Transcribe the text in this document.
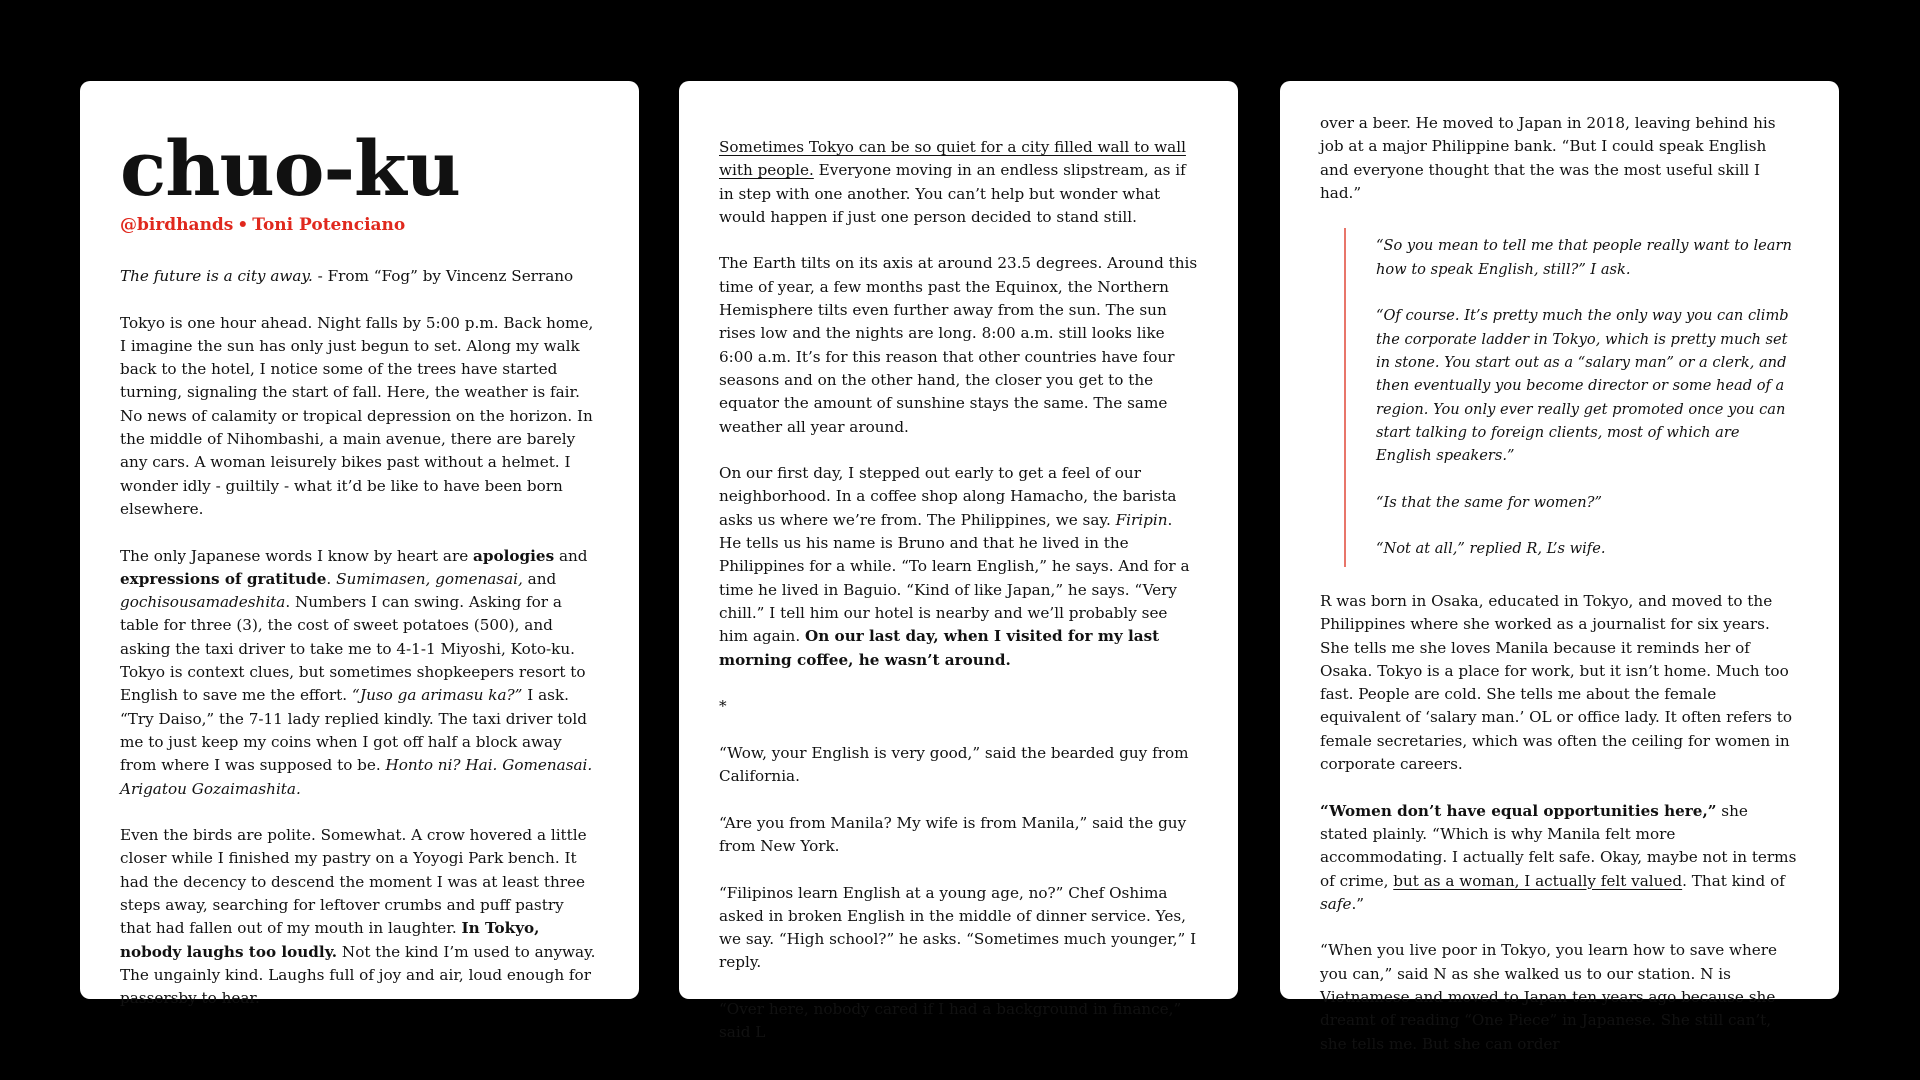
chuo-ku
@birdhands • Toni Potenciano

The future is a city away. - From “Fog” by Vincenz Serrano

Tokyo is one hour ahead. Night falls by 5:00 p.m. Back home, I imagine the sun has only just begun to set. Along my walk back to the hotel, I notice some of the trees have started turning, signaling the start of fall. Here, the weather is fair. No news of calamity or tropical depression on the horizon. In the middle of Nihombashi, a main avenue, there are barely any cars. A woman leisurely bikes past without a helmet. I wonder idly - guiltily - what it’d be like to have been born elsewhere.

The only Japanese words I know by heart are apologies and expressions of gratitude. Sumimasen, gomenasai, and gochisousamadeshita. Numbers I can swing. Asking for a table for three (3), the cost of sweet potatoes (500), and asking the taxi driver to take me to 4-1-1 Miyoshi, Koto-ku. Tokyo is context clues, but sometimes shopkeepers resort to English to save me the effort. “Juso ga arimasu ka?” I ask. “Try Daiso,” the 7-11 lady replied kindly. The taxi driver told me to just keep my coins when I got off half a block away from where I was supposed to be. Honto ni? Hai. Gomenasai. Arigatou Gozaimashita.

Even the birds are polite. Somewhat. A crow hovered a little closer while I finished my pastry on a Yoyogi Park bench. It had the decency to descend the moment I was at least three steps away, searching for leftover crumbs and puff pastry that had fallen out of my mouth in laughter. In Tokyo, nobody laughs too loudly. Not the kind I’m used to anyway. The ungainly kind. Laughs full of joy and air, loud enough for passersby to hear.

Sometimes Tokyo can be so quiet for a city filled wall to wall with people. Everyone moving in an endless slipstream, as if in step with one another. You can’t help but wonder what would happen if just one person decided to stand still.

The Earth tilts on its axis at around 23.5 degrees. Around this time of year, a few months past the Equinox, the Northern Hemisphere tilts even further away from the sun. The sun rises low and the nights are long. 8:00 a.m. still looks like 6:00 a.m. It’s for this reason that other countries have four seasons and on the other hand, the closer you get to the equator the amount of sunshine stays the same. The same weather all year around.

On our first day, I stepped out early to get a feel of our neighborhood. In a coffee shop along Hamacho, the barista asks us where we’re from. The Philippines, we say. Firipin. He tells us his name is Bruno and that he lived in the Philippines for a while. “To learn English,” he says. And for a time he lived in Baguio. “Kind of like Japan,” he says. “Very chill.” I tell him our hotel is nearby and we’ll probably see him again. On our last day, when I visited for my last morning coffee, he wasn’t around.

*

“Wow, your English is very good,” said the bearded guy from California.

“Are you from Manila? My wife is from Manila,” said the guy from New York.

“Filipinos learn English at a young age, no?” Chef Oshima asked in broken English in the middle of dinner service. Yes, we say. “High school?” he asks. “Sometimes much younger,” I reply.

“Over here, nobody cared if I had a background in finance,” said L

over a beer. He moved to Japan in 2018, leaving behind his job at a major Philippine bank. “But I could speak English and everyone thought that the was the most useful skill I had.”

“So you mean to tell me that people really want to learn how to speak English, still?” I ask.

“Of course. It’s pretty much the only way you can climb the corporate ladder in Tokyo, which is pretty much set in stone. You start out as a “salary man” or a clerk, and then eventually you become director or some head of a region. You only ever really get promoted once you can start talking to foreign clients, most of which are English speakers.”

“Is that the same for women?”

“Not at all,” replied R, L’s wife.

R was born in Osaka, educated in Tokyo, and moved to the Philippines where she worked as a journalist for six years. She tells me she loves Manila because it reminds her of Osaka. Tokyo is a place for work, but it isn’t home. Much too fast. People are cold. She tells me about the female equivalent of ‘salary man.’ OL or office lady. It often refers to female secretaries, which was often the ceiling for women in corporate careers.

“Women don’t have equal opportunities here,” she stated plainly. “Which is why Manila felt more accommodating. I actually felt safe. Okay, maybe not in terms of crime, but as a woman, I actually felt valued. That kind of safe.”

“When you live poor in Tokyo, you learn how to save where you can,” said N as she walked us to our station. N is Vietnamese and moved to Japan ten years ago because she dreamt of reading “One Piece” in Japanese. She still can’t, she tells me. But she can order
